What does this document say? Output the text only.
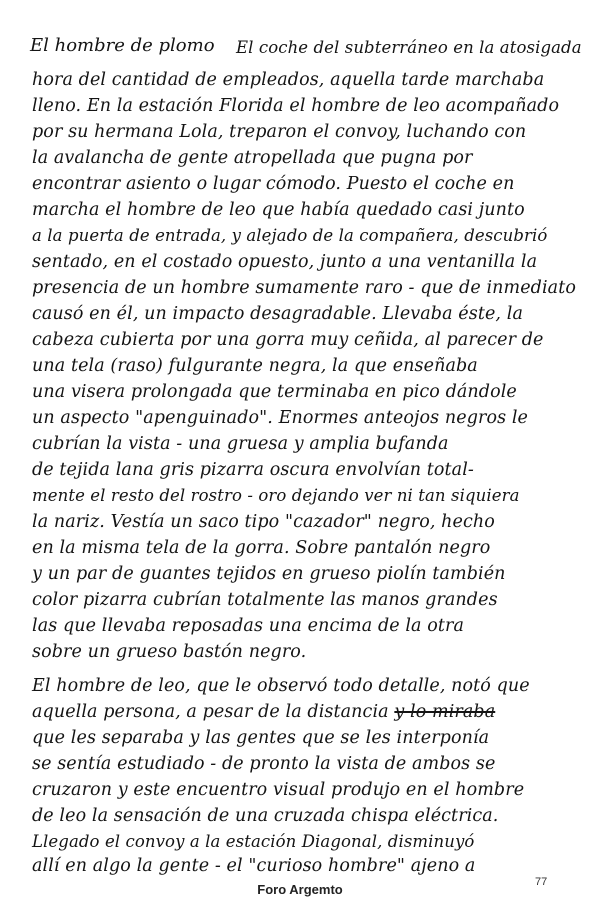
El hombre de plomo El coche del subterráneo en la atosigada
hora del cantidad de empleados, aquella tarde marchaba
lleno. En la estación Florida el hombre de leo acompañado
por su hermana Lola, treparon el convoy, luchando con
la avalancha de gente atropellada que pugna por
encontrar asiento o lugar cómodo. Puesto el coche en
marcha el hombre de leo que había quedado casi junto
a la puerta de entrada, y alejado de la compañera, descubrió
sentado, en el costado opuesto, junto a una ventanilla la
presencia de un hombre sumamente raro - que de inmediato
causó en él, un impacto desagradable. Llevaba éste, la
cabeza cubierta por una gorra muy ceñida, al parecer de
una tela (raso) fulgurante negra, la que enseñaba
una visera prolongada que terminaba en pico dándole
un aspecto "apenguinado". Enormes anteojos negros le
cubrían la vista - una gruesa y amplia bufanda
de tejida lana gris pizarra oscura envolvían total-
mente el resto del rostro - oro dejando ver ni tan siquiera
la nariz. Vestía un saco tipo "cazador" negro, hecho
en la misma tela de la gorra. Sobre pantalón negro
y un par de guantes tejidos en grueso piolín también
color pizarra cubrían totalmente las manos grandes
las que llevaba reposadas una encima de la otra
sobre un grueso bastón negro.
El hombre de leo, que le observó todo detalle, notó que
aquella persona, a pesar de la distancia y lo miraba
que les separaba y las gentes que se les interponía
se sentía estudiado - de pronto la vista de ambos se
cruzaron y este encuentro visual produjo en el hombre
de leo la sensación de una cruzada chispa eléctrica.
Llegado el convoy a la estación Diagonal, disminuyó
allí en algo la gente - el "curioso hombre" ajeno a
Foro Argemto	77
